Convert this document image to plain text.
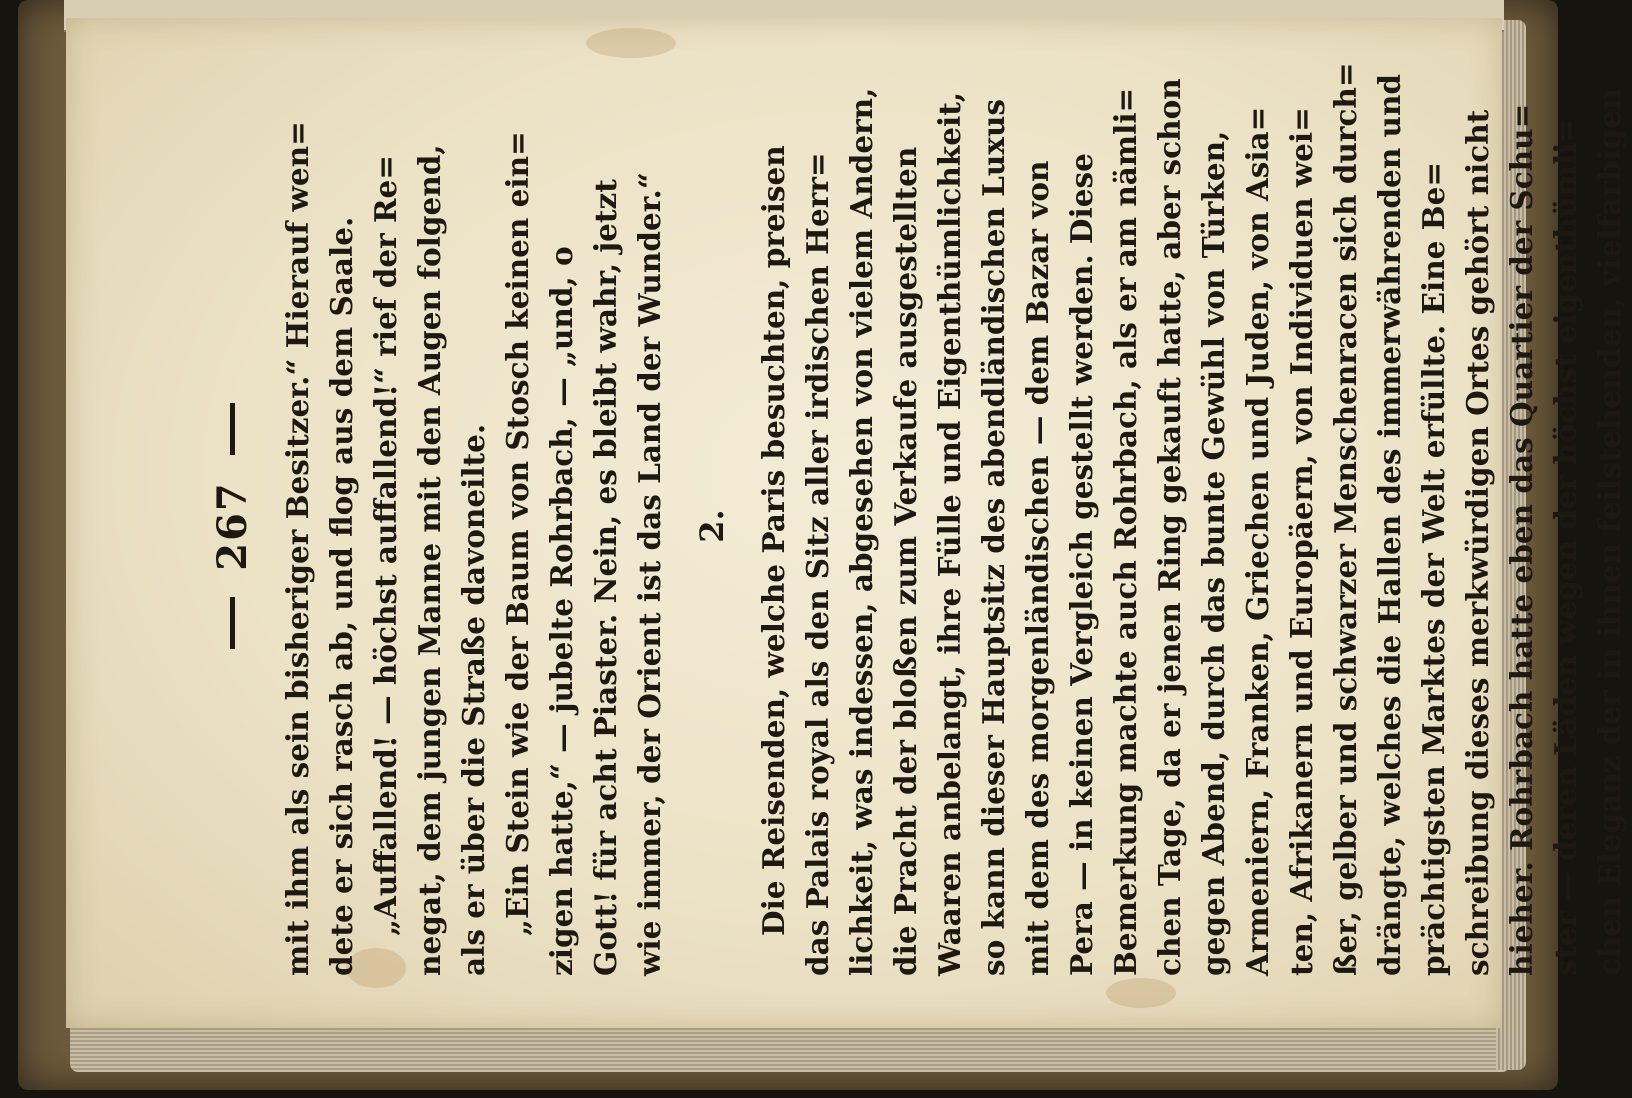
267 mit ihm als sein bisheriger Besitzer.“ Hierauf wen= dete er sich rasch ab, und flog aus dem Saale. „Auffallend! — höchst auffallend!“ rief der Re= negat, dem jungen Manne mit den Augen folgend, als er über die Straße davoneilte. „Ein Stein wie der Baum von Stosch keinen ein= zigen hatte,“ — jubelte Rohrbach, — „und, o Gott! für acht Piaster. Nein, es bleibt wahr, jetzt wie immer, der Orient ist das Land der Wunder.“ 2. Die Reisenden, welche Paris besuchten, preisen das Palais royal als den Sitz aller irdischen Herr= lichkeit, was indessen, abgesehen von vielem Andern, die Pracht der bloßen zum Verkaufe ausgestellten Waaren anbelangt, ihre Fülle und Eigenthümlichkeit, so kann dieser Hauptsitz des abendländischen Luxus mit dem des morgenländischen — dem Bazar von Pera — in keinen Vergleich gestellt werden. Diese Bemerkung machte auch Rohrbach, als er am nämli= chen Tage, da er jenen Ring gekauft hatte, aber schon gegen Abend, durch das bunte Gewühl von Türken, Armeniern, Franken, Griechen und Juden, von Asia= ten, Afrikanern und Europäern, von Individuen wei= ßer, gelber und schwarzer Menschenracen sich durch= drängte, welches die Hallen des immerwährenden und prächtigsten Marktes der Welt erfüllte. Eine Be= schreibung dieses merkwürdigen Ortes gehört nicht hieher. Rohrbach hatte eben das Quartier der Schu= ster — deren Läden wegen der höchst eigenthümli= chen Eleganz der in ihnen feilstehenden, vielfarbigen
